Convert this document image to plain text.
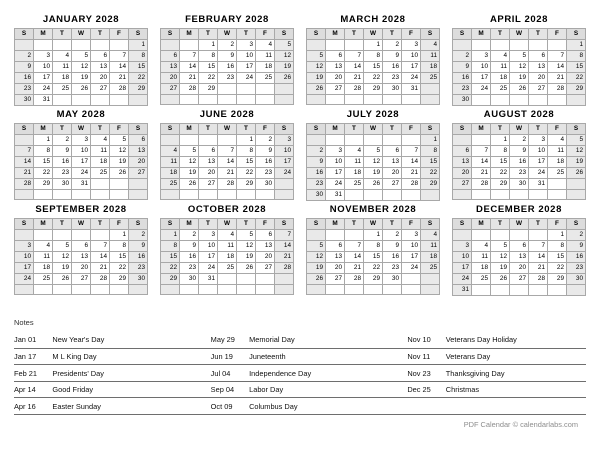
JANUARY 2028
S	M	T	W	T	F	S
						1
2	3	4	5	6	7	8
9	10	11	12	13	14	15
16	17	18	19	20	21	22
23	24	25	26	27	28	29
30	31					
FEBRUARY 2028
S	M	T	W	T	F	S
		1	2	3	4	5
6	7	8	9	10	11	12
13	14	15	16	17	18	19
20	21	22	23	24	25	26
27	28	29				

MARCH 2028
S	M	T	W	T	F	S
			1	2	3	4
5	6	7	8	9	10	11
12	13	14	15	16	17	18
19	20	21	22	23	24	25
26	27	28	29	30	31	

APRIL 2028
S	M	T	W	T	F	S
						1
2	3	4	5	6	7	8
9	10	11	12	13	14	15
16	17	18	19	20	21	22
23	24	25	26	27	28	29
30						
MAY 2028
S	M	T	W	T	F	S
	1	2	3	4	5	6
7	8	9	10	11	12	13
14	15	16	17	18	19	20
21	22	23	24	25	26	27
28	29	30	31			

JUNE 2028
S	M	T	W	T	F	S
				1	2	3
4	5	6	7	8	9	10
11	12	13	14	15	16	17
18	19	20	21	22	23	24
25	26	27	28	29	30	

JULY 2028
S	M	T	W	T	F	S
						1
2	3	4	5	6	7	8
9	10	11	12	13	14	15
16	17	18	19	20	21	22
23	24	25	26	27	28	29
30	31					
AUGUST 2028
S	M	T	W	T	F	S
		1	2	3	4	5
6	7	8	9	10	11	12
13	14	15	16	17	18	19
20	21	22	23	24	25	26
27	28	29	30	31		

SEPTEMBER 2028
S	M	T	W	T	F	S
					1	2
3	4	5	6	7	8	9
10	11	12	13	14	15	16
17	18	19	20	21	22	23
24	25	26	27	28	29	30

OCTOBER 2028
S	M	T	W	T	F	S
1	2	3	4	5	6	7
8	9	10	11	12	13	14
15	16	17	18	19	20	21
22	23	24	25	26	27	28
29	30	31				

NOVEMBER 2028
S	M	T	W	T	F	S
			1	2	3	4
5	6	7	8	9	10	11
12	13	14	15	16	17	18
19	20	21	22	23	24	25
26	27	28	29	30		

DECEMBER 2028
S	M	T	W	T	F	S
					1	2
3	4	5	6	7	8	9
10	11	12	13	14	15	16
17	18	19	20	21	22	23
24	25	26	27	28	29	30
31						
Notes
Jan 01	New Year's Day		May 29	Memorial Day		Nov 10	Veterans Day Holiday
Jan 17	M L King Day		Jun 19	Juneteenth		Nov 11	Veterans Day
Feb 21	Presidents' Day		Jul 04	Independence Day		Nov 23	Thanksgiving Day
Apr 14	Good Friday		Sep 04	Labor Day		Dec 25	Christmas
Apr 16	Easter Sunday		Oct 09	Columbus Day			
PDF Calendar © calendarlabs.com
